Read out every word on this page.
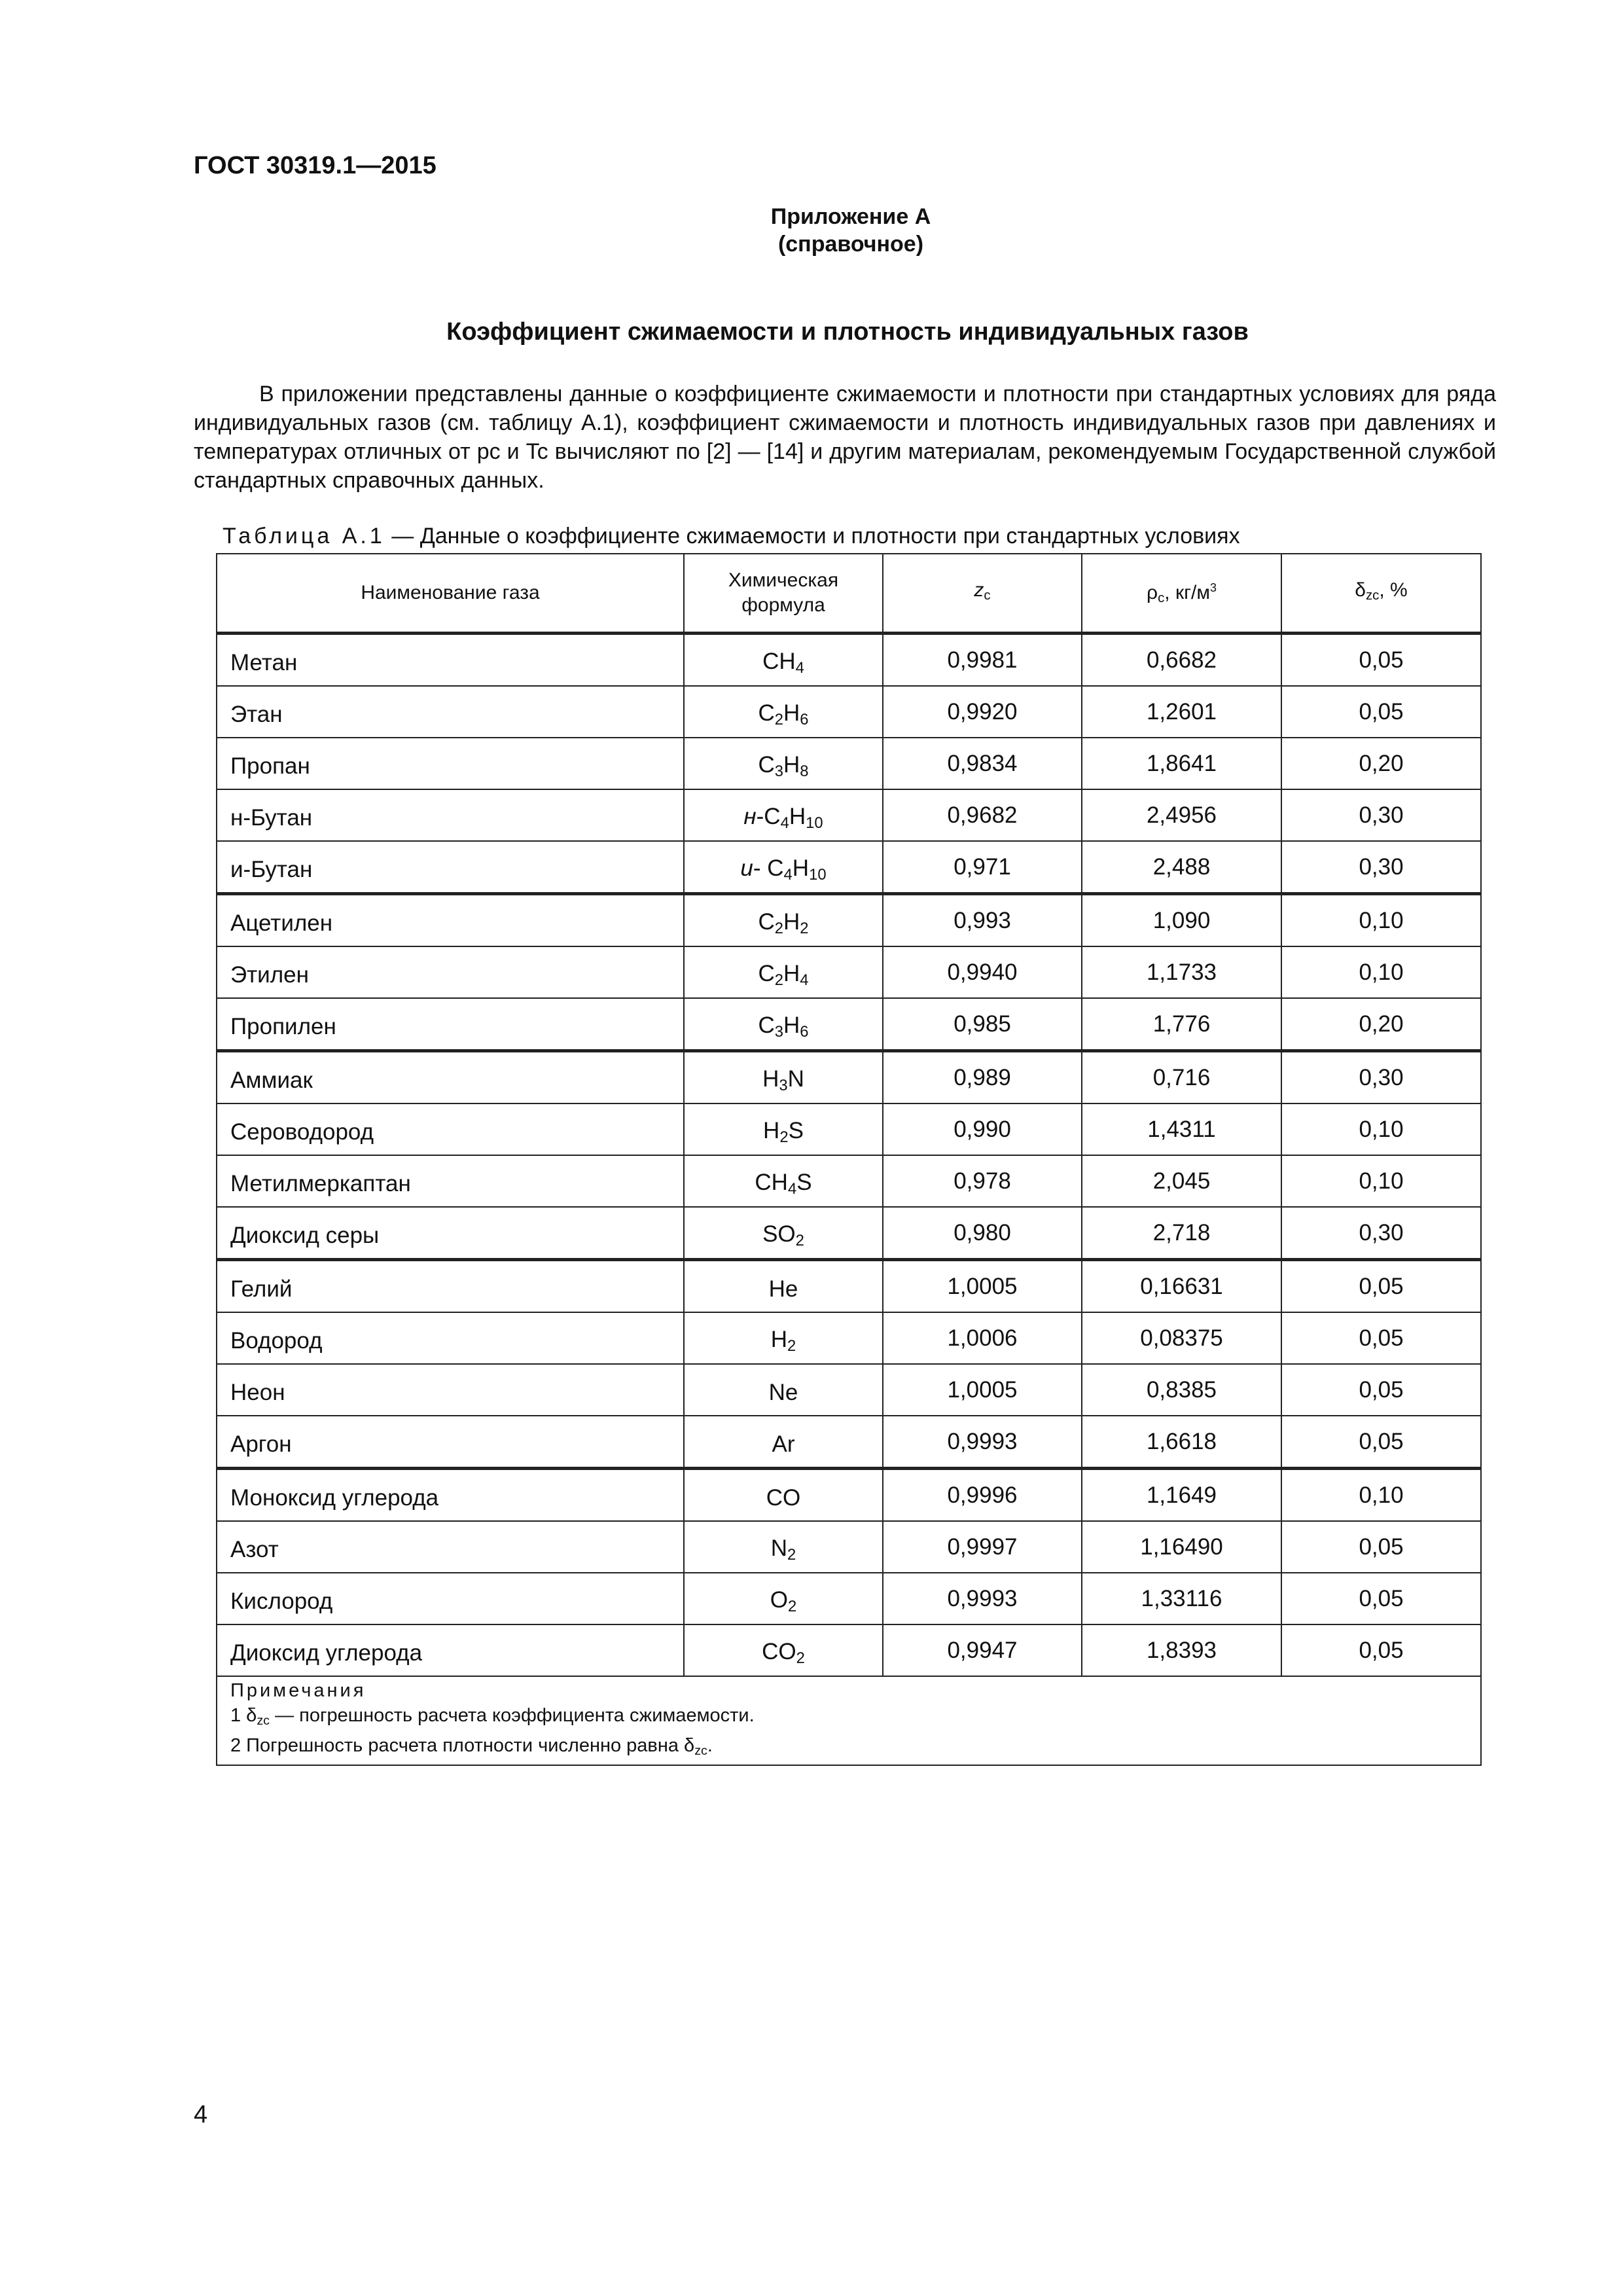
ГОСТ 30319.1—2015
Приложение А
(справочное)
Коэффициент сжимаемости и плотность индивидуальных газов

В приложении представлены данные о коэффициенте сжимаемости и плотности при стандартных условиях для ряда индивидуальных газов (см. таблицу А.1), коэффициент сжимаемости и плотность индивидуальных газов при давлениях и температурах отличных от pc и Tc вычисляют по [2] — [14] и другим материалам, рекомендуемым Государственной службой стандартных справочных данных.

Таблица А.1 — Данные о коэффициенте сжимаемости и плотности при стандартных условиях
Наименование газа	Химическая формула	$z_c$	$\rho_c$, $кг/м^3$	$\delta_{zc}$, %
Метан	$CH_4$	0,9981	0,6682	0,05
Этан	$C_2H_6$	0,9920	1,2601	0,05
Пропан	$C_3H_8$	0,9834	1,8641	0,20
н-Бутан	$н-C_4H_{10}$	0,9682	2,4956	0,30
и-Бутан	u- $C_4H_{10}$	0,971	2,488	0,30
Ацетилен	$C_2H_2$	0,993	1,090	0,10
Этилен	$C_2H_4$	0,9940	1,1733	0,10
Пропилен	$C_3H_6$	0,985	1,776	0,20
Аммиак	$H_3N$	0,989	0,716	0,30
Сероводород	$H_2S$	0,990	1,4311	0,10
Метилмеркаптан	$CH_4S$	0,978	2,045	0,10
Диоксид серы	$SO_2$	0,980	2,718	0,30
Гелий	He	1,0005	0,16631	0,05
Водород	$H_2$	1,0006	0,08375	0,05
Неон	Ne	1,0005	0,8385	0,05
Аргон	Ar	0,9993	1,6618	0,05
Моноксид углерода	CO	0,9996	1,1649	0,10
Азот	$N_2$	0,9997	1,16490	0,05
Кислород	$O_2$	0,9993	1,33116	0,05
Диоксид углерода	$CO_2$	0,9947	1,8393	0,05

Примечания
1 $\delta_{zc}$ — погрешность расчета коэффициента сжимаемости.
2 Погрешность расчета плотности численно равна $\delta_{zc}$.				
4
